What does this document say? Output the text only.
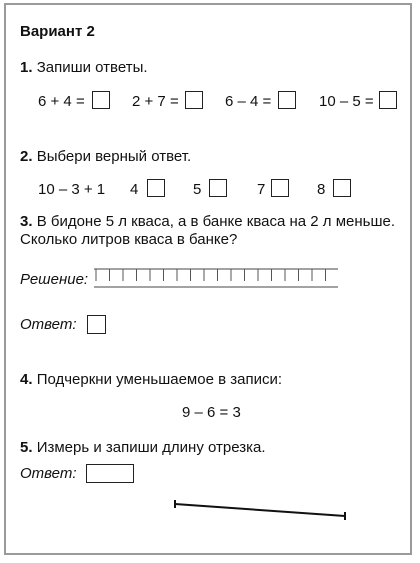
Вариант 2
1. Запиши ответы.
6 + 4 =	2 + 7 =	6 – 4 =	10 – 5 =
2. Выбери верный ответ.
10 – 3 + 1 4	5	7	8
3. В бидоне 5 л кваса, а в банке кваса на 2 л меньше.
Сколько литров кваса в банке?
Решение:
Ответ:
4. Подчеркни уменьшаемое в записи:
9 – 6 = 3
5. Измерь и запиши длину отрезка.
Ответ:
